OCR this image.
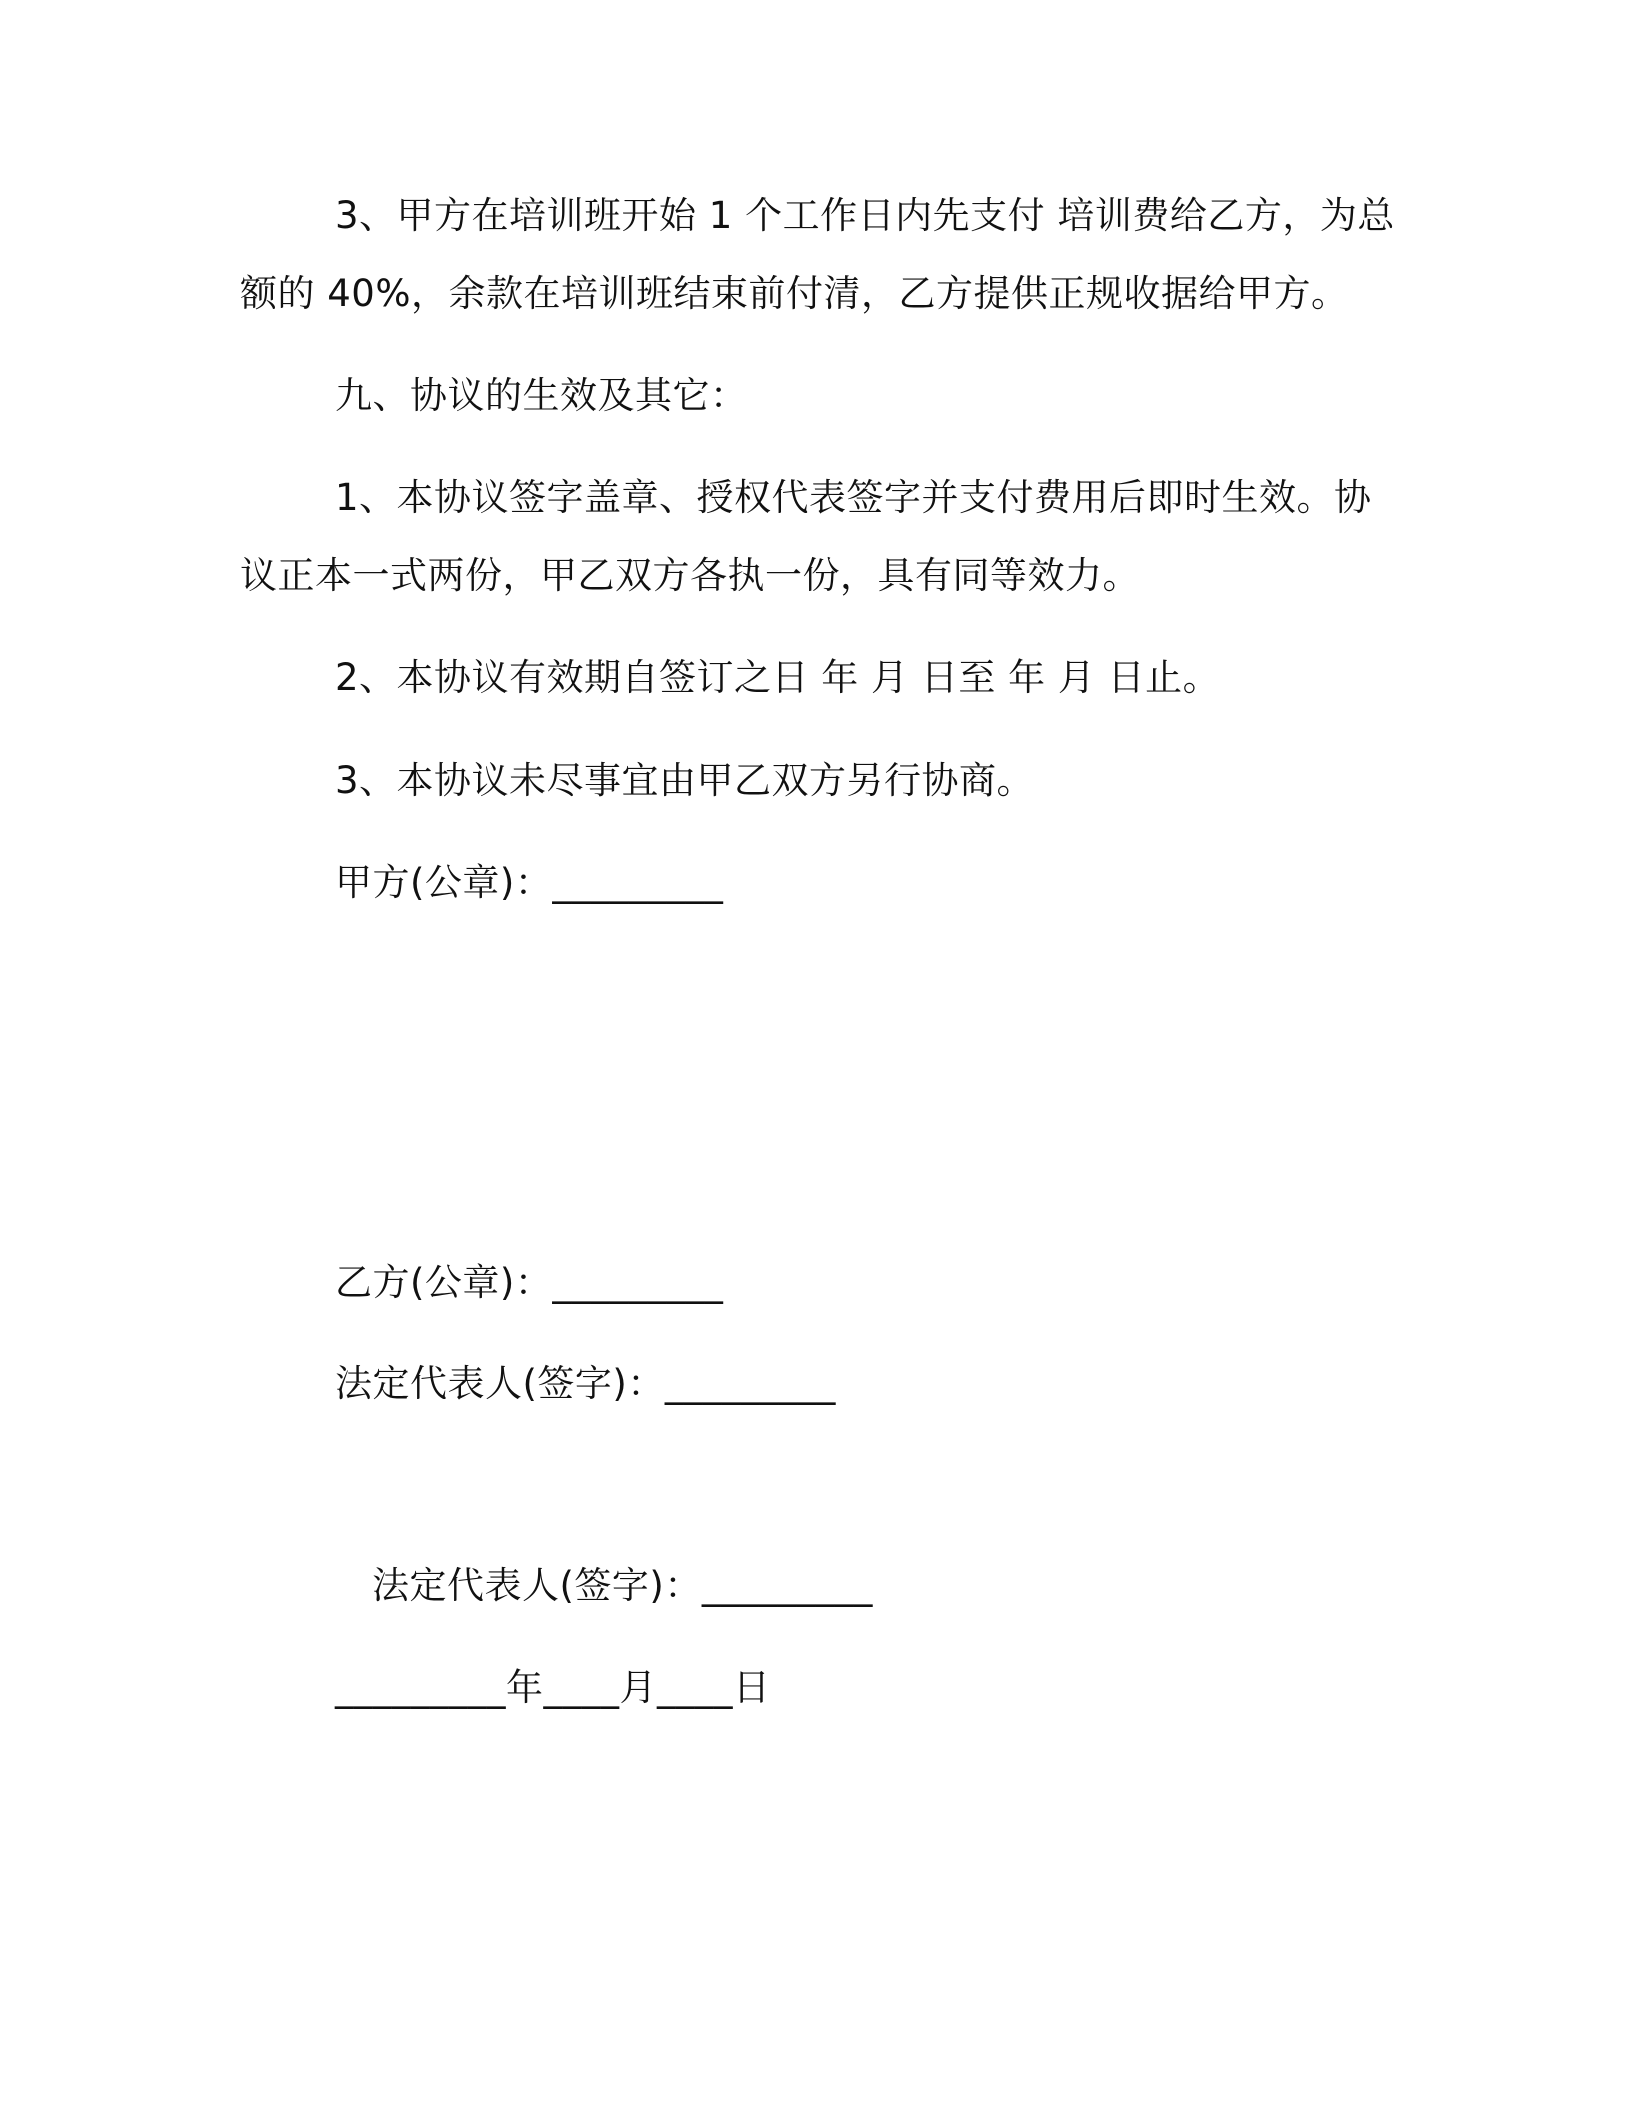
3、甲方在培训班开始 1 个工作日内先支付 培训费给乙方，为总
额的 40%，余款在培训班结束前付清，乙方提供正规收据给甲方。
九、协议的生效及其它：
1、本协议签字盖章、授权代表签字并支付费用后即时生效。协
议正本一式两份，甲乙双方各执一份，具有同等效力。
2、本协议有效期自签订之日 年 月 日至 年 月 日止。
3、本协议未尽事宜由甲乙双方另行协商。
甲方(公章)：_________
乙方(公章)：_________
法定代表人(签字)：_________
法定代表人(签字)：_________
_________年____月____日
